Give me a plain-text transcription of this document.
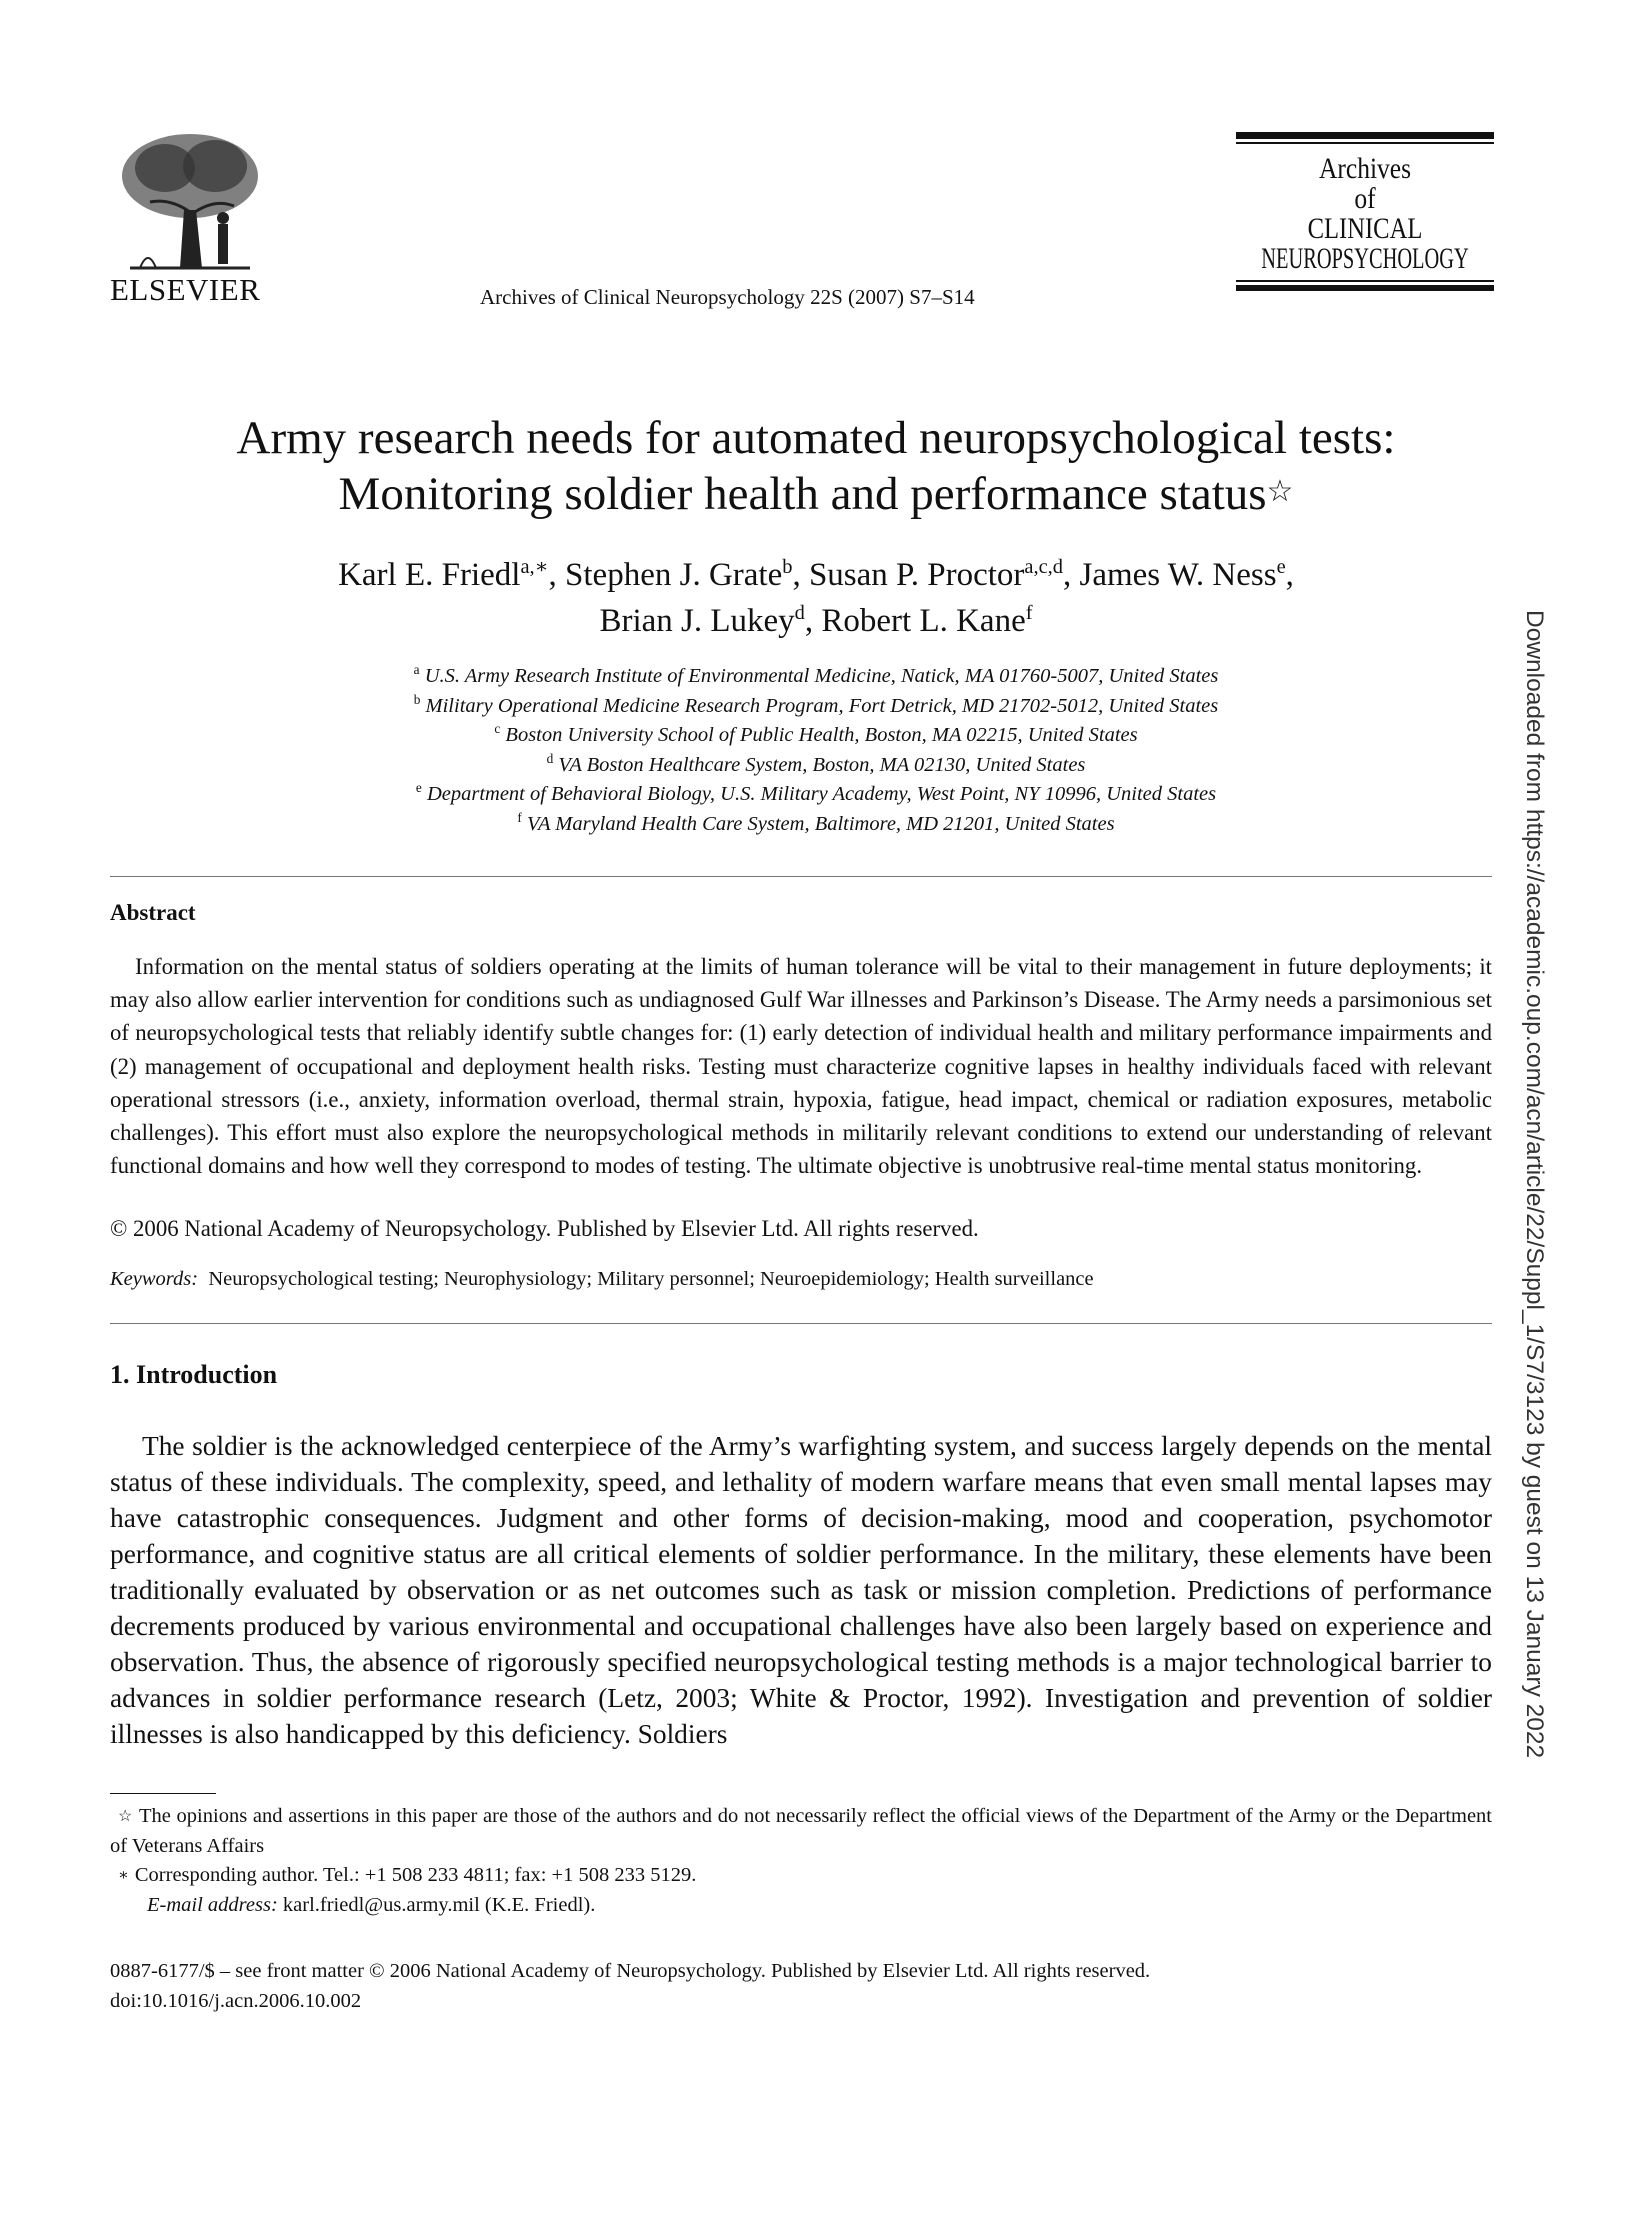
ELSEVIER	Archives of Clinical Neuropsychology 22S (2007) S7–S14
Archives
of
CLINICAL
NEUROPSYCHOLOGY
Army research needs for automated neuropsychological tests:
Monitoring soldier health and performance status☆
Karl E. Friedl$^{a,∗}$, Stephen J. Grate$^b$, Susan P. Proctor$^{a,c,d}$, James W. Ness$^e$,
Brian J. Lukey$^d$, Robert L. Kane$^f$
$^a$ U.S. Army Research Institute of Environmental Medicine, Natick, MA 01760-5007, United States
$^b$ Military Operational Medicine Research Program, Fort Detrick, MD 21702-5012, United States
$^c$ Boston University School of Public Health, Boston, MA 02215, United States
$^d$ VA Boston Healthcare System, Boston, MA 02130, United States
$^e$ Department of Behavioral Biology, U.S. Military Academy, West Point, NY 10996, United States
$^f$ VA Maryland Health Care System, Baltimore, MD 21201, United States
Abstract

Information on the mental status of soldiers operating at the limits of human tolerance will be vital to their management in future deployments; it may also allow earlier intervention for conditions such as undiagnosed Gulf War illnesses and Parkinson’s Disease. The Army needs a parsimonious set of neuropsychological tests that reliably identify subtle changes for: (1) early detection of individual health and military performance impairments and (2) management of occupational and deployment health risks. Testing must characterize cognitive lapses in healthy individuals faced with relevant operational stressors (i.e., anxiety, information overload, thermal strain, hypoxia, fatigue, head impact, chemical or radiation exposures, metabolic challenges). This effort must also explore the neuropsychological methods in militarily relevant conditions to extend our understanding of relevant functional domains and how well they correspond to modes of testing. The ultimate objective is unobtrusive real-time mental status monitoring.

© 2006 National Academy of Neuropsychology. Published by Elsevier Ltd. All rights reserved.
Keywords: Neuropsychological testing; Neurophysiology; Military personnel; Neuroepidemiology; Health surveillance
1. Introduction

The soldier is the acknowledged centerpiece of the Army’s warfighting system, and success largely depends on the mental status of these individuals. The complexity, speed, and lethality of modern warfare means that even small mental lapses may have catastrophic consequences. Judgment and other forms of decision-making, mood and cooperation, psychomotor performance, and cognitive status are all critical elements of soldier performance. In the military, these elements have been traditionally evaluated by observation or as net outcomes such as task or mission completion. Predictions of performance decrements produced by various environmental and occupational challenges have also been largely based on experience and observation. Thus, the absence of rigorously specified neuropsychological testing methods is a major technological barrier to advances in soldier performance research (Letz, 2003; White & Proctor, 1992). Investigation and prevention of soldier illnesses is also handicapped by this deficiency. Soldiers

☆ The opinions and assertions in this paper are those of the authors and do not necessarily reflect the official views of the Department of the Army or the Department of Veterans Affairs

∗ Corresponding author. Tel.: +1 508 233 4811; fax: +1 508 233 5129.

E-mail address: karl.friedl@us.army.mil (K.E. Friedl).

0887-6177/$ – see front matter © 2006 National Academy of Neuropsychology. Published by Elsevier Ltd. All rights reserved.
doi:10.1016/j.acn.2006.10.002
Downloaded from https://academic.oup.com/acn/article/22/Suppl_1/S7/3123 by guest on 13 January 2022
